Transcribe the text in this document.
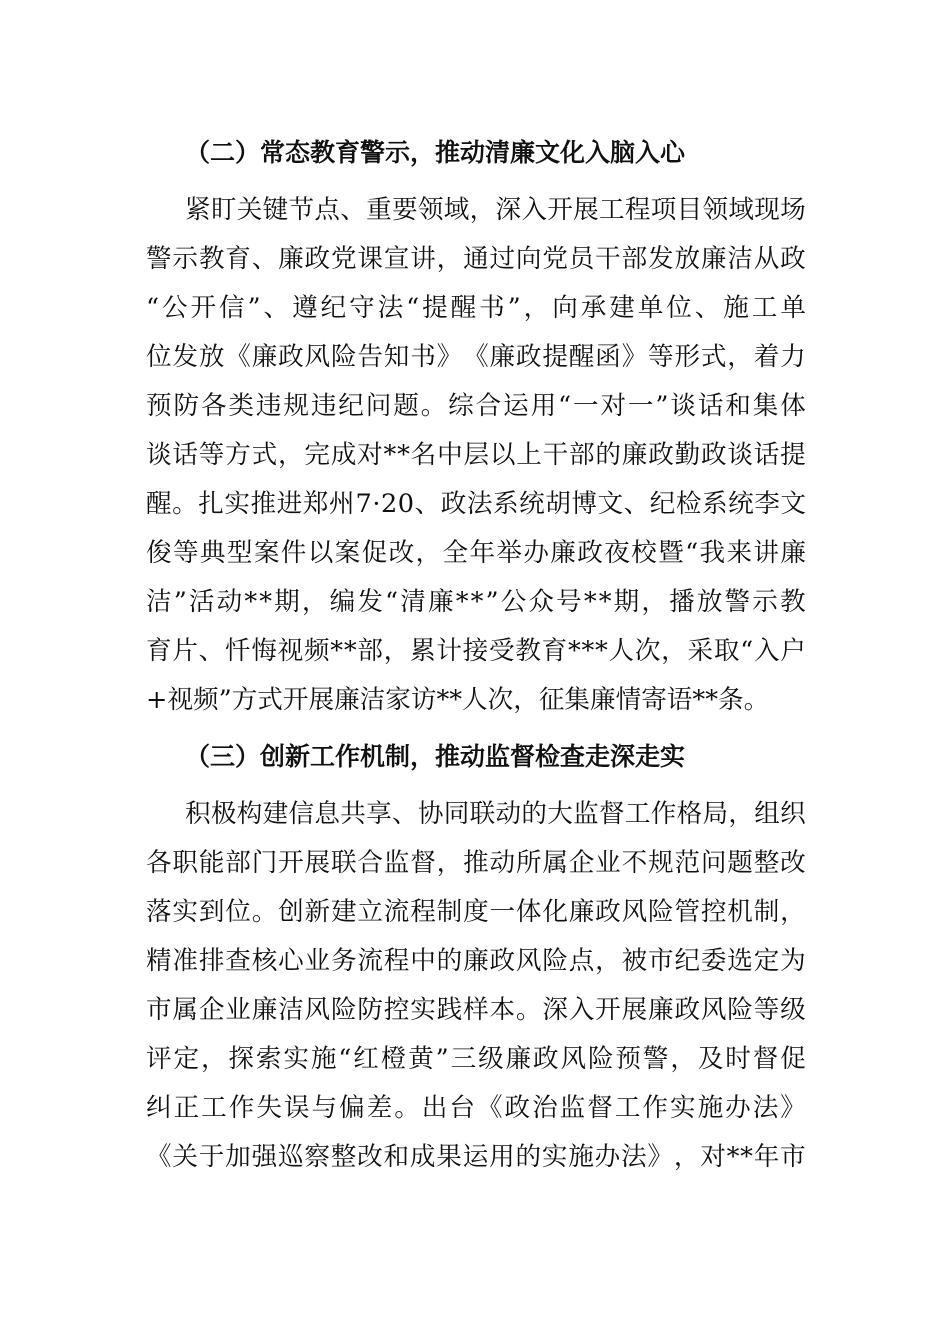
（二）常态教育警示，推动清廉文化入脑入心
紧 盯 关 键 节 点 、 重 要 领 域 ， 深 入 开 展 工 程 项 目 领 域 现 场
警 示 教 育 、 廉 政 党 课 宣 讲 ， 通 过 向 党 员 干 部 发 放 廉 洁 从 政
“ 公 开 信 ” 、 遵 纪 守 法 “ 提 醒 书 ” ， 向 承 建 单 位 、 施 工 单
位 发 放 《 廉 政 风 险 告 知 书 》 《 廉 政 提 醒 函 》 等 形 式 ， 着 力
预 防 各 类 违 规 违 纪 问 题 。 综 合 运 用 “ 一 对 一 ” 谈 话 和 集 体
谈 话 等 方 式 ， 完 成 对 * * 名 中 层 以 上 干 部 的 廉 政 勤 政 谈 话 提
醒 。 扎 实 推 进 郑 州 7 · 2 0 、 政 法 系 统 胡 博 文 、 纪 检 系 统 李 文
俊 等 典 型 案 件 以 案 促 改 ， 全 年 举 办 廉 政 夜 校 暨 “ 我 来 讲 廉
洁 ” 活 动 * * 期 ， 编 发 “ 清 廉 * * ” 公 众 号 * * 期 ， 播 放 警 示 教
育 片 、 忏 悔 视 频 * * 部 ， 累 计 接 受 教 育 * * * 人 次 ， 采 取 “ 入 户
+视频”方式开展廉洁家访**人次，征集廉情寄语**条。
（三）创新工作机制，推动监督检查走深走实
积 极 构 建 信 息 共 享 、 协 同 联 动 的 大 监 督 工 作 格 局 ， 组 织
各 职 能 部 门 开 展 联 合 监 督 ， 推 动 所 属 企 业 不 规 范 问 题 整 改
落 实 到 位 。 创 新 建 立 流 程 制 度 一 体 化 廉 政 风 险 管 控 机 制 ，
精 准 排 查 核 心 业 务 流 程 中 的 廉 政 风 险 点 ， 被 市 纪 委 选 定 为
市 属 企 业 廉 洁 风 险 防 控 实 践 样 本 。 深 入 开 展 廉 政 风 险 等 级
评 定 ， 探 索 实 施 “ 红 橙 黄 ” 三 级 廉 政 风 险 预 警 ， 及 时 督 促
纠 正 工 作 失 误 与 偏 差 。 出 台 《 政 治 监 督 工 作 实 施 办 法 》
《 关 于 加 强 巡 察 整 改 和 成 果 运 用 的 实 施 办 法 》 ， 对 * * 年 市
